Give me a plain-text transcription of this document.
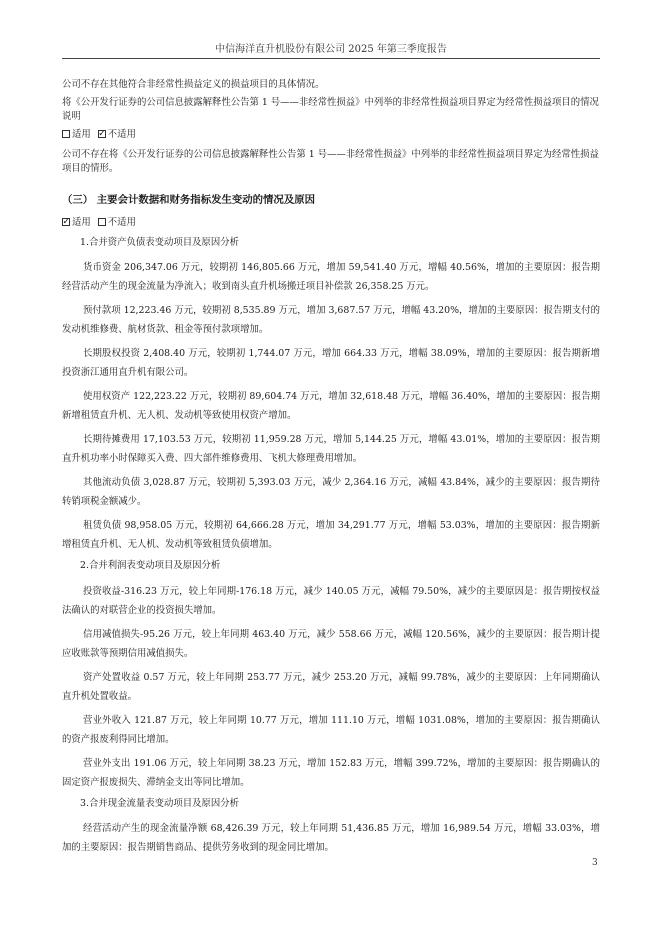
中信海洋直升机股份有限公司 2025 年第三季度报告

公司不存在其他符合非经常性损益定义的损益项目的具体情况。

将《公开发行证券的公司信息披露解释性公告第 1 号——非经常性损益》中列举的非经常性损益项目界定为经常性损益项目的情况说明

适用 ✓ 不适用

公司不存在将《公开发行证券的公司信息披露解释性公告第 1 号——非经常性损益》中列举的非经常性损益项目界定为经常性损益项目的情形。

（三） 主要会计数据和财务指标发生变动的情况及原因
✓适用 不适用
1.合并资产负债表变动项目及原因分析

货币资金 206,347.06 万元，较期初 146,805.66 万元，增加 59,541.40 万元，增幅 40.56%，增加的主要原因：报告期经营活动产生的现金流量为净流入；收到南头直升机场搬迁项目补偿款 26,358.25 万元。

预付款项 12,223.46 万元，较期初 8,535.89 万元，增加 3,687.57 万元，增幅 43.20%，增加的主要原因：报告期支付的发动机维修费、航材货款、租金等预付款项增加。

长期股权投资 2,408.40 万元，较期初 1,744.07 万元，增加 664.33 万元，增幅 38.09%，增加的主要原因：报告期新增投资浙江通用直升机有限公司。

使用权资产 122,223.22 万元，较期初 89,604.74 万元，增加 32,618.48 万元，增幅 36.40%，增加的主要原因：报告期新增租赁直升机、无人机、发动机等致使用权资产增加。

长期待摊费用 17,103.53 万元，较期初 11,959.28 万元，增加 5,144.25 万元，增幅 43.01%，增加的主要原因：报告期直升机功率小时保障买入费、四大部件维修费用、飞机大修理费用增加。

其他流动负债 3,028.87 万元，较期初 5,393.03 万元，减少 2,364.16 万元，减幅 43.84%，减少的主要原因：报告期待转销项税金额减少。

租赁负债 98,958.05 万元，较期初 64,666.28 万元，增加 34,291.77 万元，增幅 53.03%，增加的主要原因：报告期新增租赁直升机、无人机、发动机等致租赁负债增加。

2.合并利润表变动项目及原因分析

投资收益-316.23 万元，较上年同期-176.18 万元，减少 140.05 万元，减幅 79.50%，减少的主要原因是：报告期按权益法确认的对联营企业的投资损失增加。

信用减值损失-95.26 万元，较上年同期 463.40 万元，减少 558.66 万元，减幅 120.56%，减少的主要原因：报告期计提应收账款等预期信用减值损失。

资产处置收益 0.57 万元，较上年同期 253.77 万元，减少 253.20 万元，减幅 99.78%，减少的主要原因：上年同期确认直升机处置收益。

营业外收入 121.87 万元，较上年同期 10.77 万元，增加 111.10 万元，增幅 1031.08%，增加的主要原因：报告期确认的资产报废利得同比增加。

营业外支出 191.06 万元，较上年同期 38.23 万元，增加 152.83 万元，增幅 399.72%，增加的主要原因：报告期确认的固定资产报废损失、滞纳金支出等同比增加。

3.合并现金流量表变动项目及原因分析

经营活动产生的现金流量净额 68,426.39 万元，较上年同期 51,436.85 万元，增加 16,989.54 万元，增幅 33.03%，增加的主要原因：报告期销售商品、提供劳务收到的现金同比增加。

3
